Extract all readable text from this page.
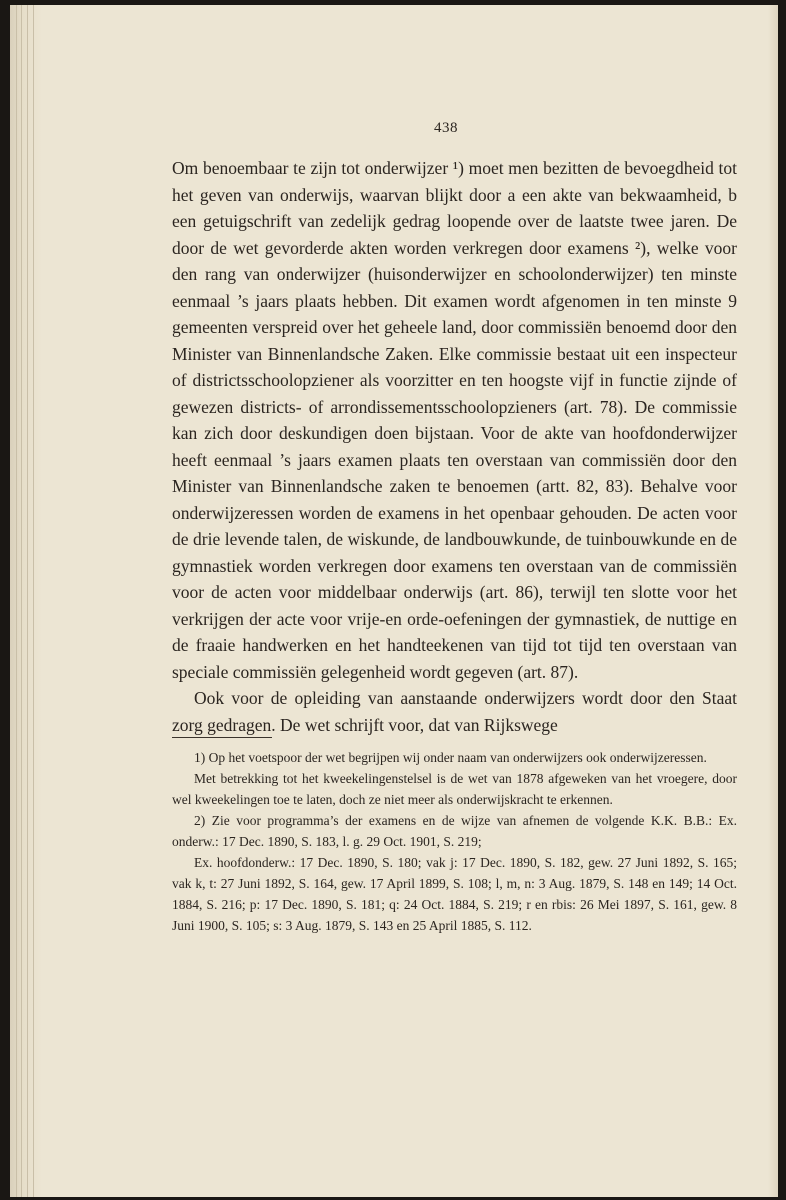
438

Om benoembaar te zijn tot onderwijzer ¹) moet men bezitten de bevoegdheid tot het geven van onderwijs, waarvan blijkt door a een akte van bekwaamheid, b een getuigschrift van zedelijk gedrag loopende over de laatste twee jaren. De door de wet gevorderde akten worden verkregen door examens ²), welke voor den rang van onderwijzer (huisonderwijzer en schoolonderwijzer) ten minste eenmaal ’s jaars plaats hebben. Dit examen wordt afgenomen in ten minste 9 gemeenten verspreid over het geheele land, door commissiën benoemd door den Minister van Binnenlandsche Zaken. Elke commissie bestaat uit een inspecteur of districtsschoolopziener als voorzitter en ten hoogste vijf in functie zijnde of gewezen districts- of arrondissementsschoolopzieners (art. 78). De commissie kan zich door deskundigen doen bijstaan. Voor de akte van hoofdonderwijzer heeft eenmaal ’s jaars examen plaats ten overstaan van commissiën door den Minister van Binnenlandsche zaken te benoemen (artt. 82, 83). Behalve voor onderwijzeressen worden de examens in het openbaar gehouden. De acten voor de drie levende talen, de wiskunde, de landbouwkunde, de tuinbouwkunde en de gymnastiek worden verkregen door examens ten overstaan van de commissiën voor de acten voor middelbaar onderwijs (art. 86), terwijl ten slotte voor het verkrijgen der acte voor vrije-en orde-oefeningen der gymnastiek, de nuttige en de fraaie handwerken en het handteekenen van tijd tot tijd ten overstaan van speciale commissiën gelegenheid wordt gegeven (art. 87).

Ook voor de opleiding van aanstaande onderwijzers wordt door den Staat zorg gedragen. De wet schrijft voor, dat van Rijkswege

1) Op het voetspoor der wet begrijpen wij onder naam van onderwijzers ook onderwijzeressen.

Met betrekking tot het kweekelingenstelsel is de wet van 1878 afgeweken van het vroegere, door wel kweekelingen toe te laten, doch ze niet meer als onderwijskracht te erkennen.

2) Zie voor programma’s der examens en de wijze van afnemen de volgende K.K. B.B.: Ex. onderw.: 17 Dec. 1890, S. 183, l. g. 29 Oct. 1901, S. 219;

Ex. hoofdonderw.: 17 Dec. 1890, S. 180; vak j: 17 Dec. 1890, S. 182, gew. 27 Juni 1892, S. 165; vak k, t: 27 Juni 1892, S. 164, gew. 17 April 1899, S. 108; l, m, n: 3 Aug. 1879, S. 148 en 149; 14 Oct. 1884, S. 216; p: 17 Dec. 1890, S. 181; q: 24 Oct. 1884, S. 219; r en rbis: 26 Mei 1897, S. 161, gew. 8 Juni 1900, S. 105; s: 3 Aug. 1879, S. 143 en 25 April 1885, S. 112.
